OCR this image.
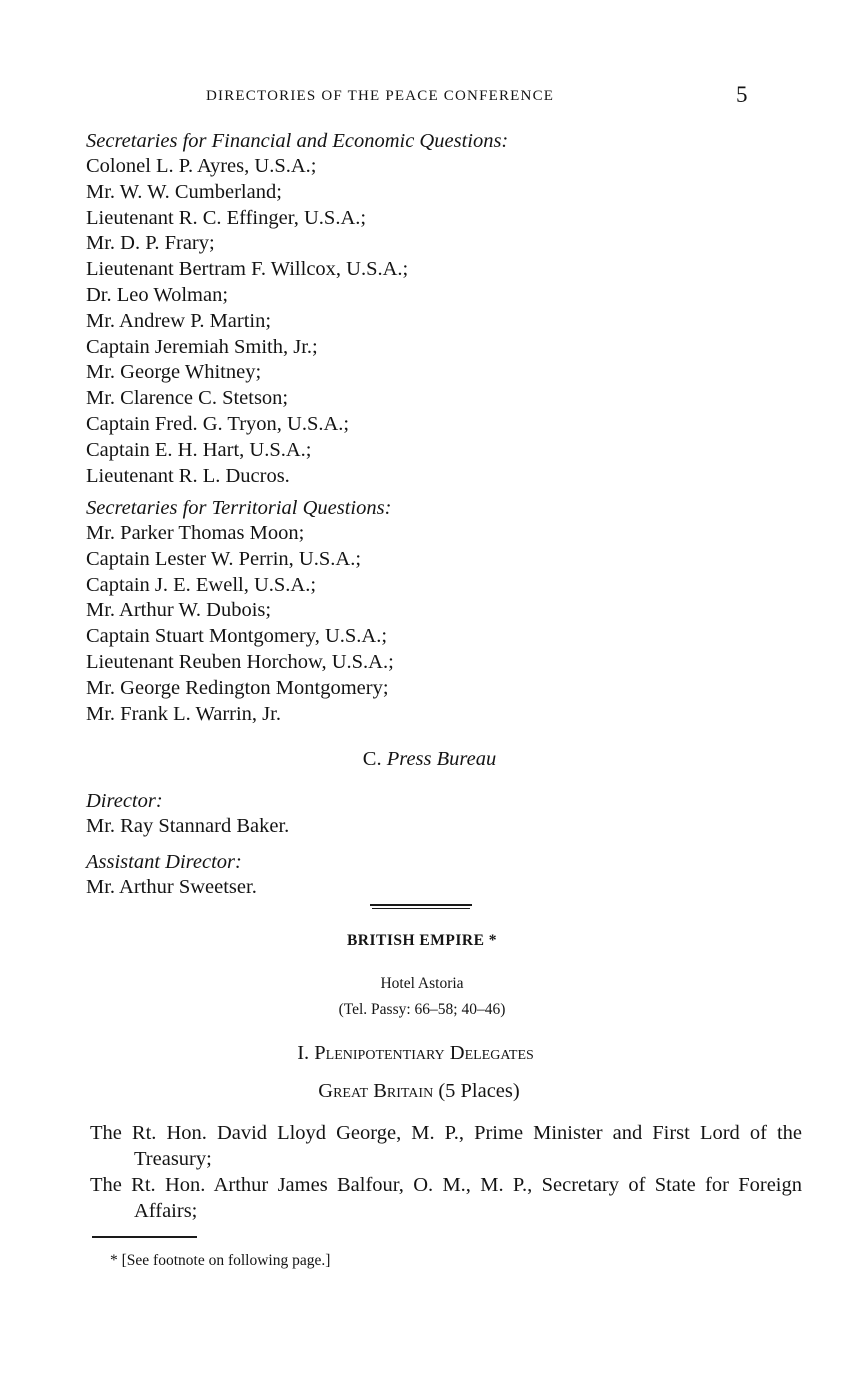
DIRECTORIES OF THE PEACE CONFERENCE	5
Secretaries for Financial and Economic Questions:
Colonel L. P. Ayres, U.S.A.;
Mr. W. W. Cumberland;
Lieutenant R. C. Effinger, U.S.A.;
Mr. D. P. Frary;
Lieutenant Bertram F. Willcox, U.S.A.;
Dr. Leo Wolman;
Mr. Andrew P. Martin;
Captain Jeremiah Smith, Jr.;
Mr. George Whitney;
Mr. Clarence C. Stetson;
Captain Fred. G. Tryon, U.S.A.;
Captain E. H. Hart, U.S.A.;
Lieutenant R. L. Ducros.
Secretaries for Territorial Questions:
Mr. Parker Thomas Moon;
Captain Lester W. Perrin, U.S.A.;
Captain J. E. Ewell, U.S.A.;
Mr. Arthur W. Dubois;
Captain Stuart Montgomery, U.S.A.;
Lieutenant Reuben Horchow, U.S.A.;
Mr. George Redington Montgomery;
Mr. Frank L. Warrin, Jr.
C. Press Bureau
Director:
Mr. Ray Stannard Baker.
Assistant Director:
Mr. Arthur Sweetser.
BRITISH EMPIRE *
Hotel Astoria
(Tel. Passy: 66–58; 40–46)
I. Plenipotentiary Delegates
Great Britain (5 Places)
The Rt. Hon. David Lloyd George, M. P., Prime Minister and First Lord of the Treasury;
The Rt. Hon. Arthur James Balfour, O. M., M. P., Secretary of State for Foreign Affairs;
* [See footnote on following page.]
